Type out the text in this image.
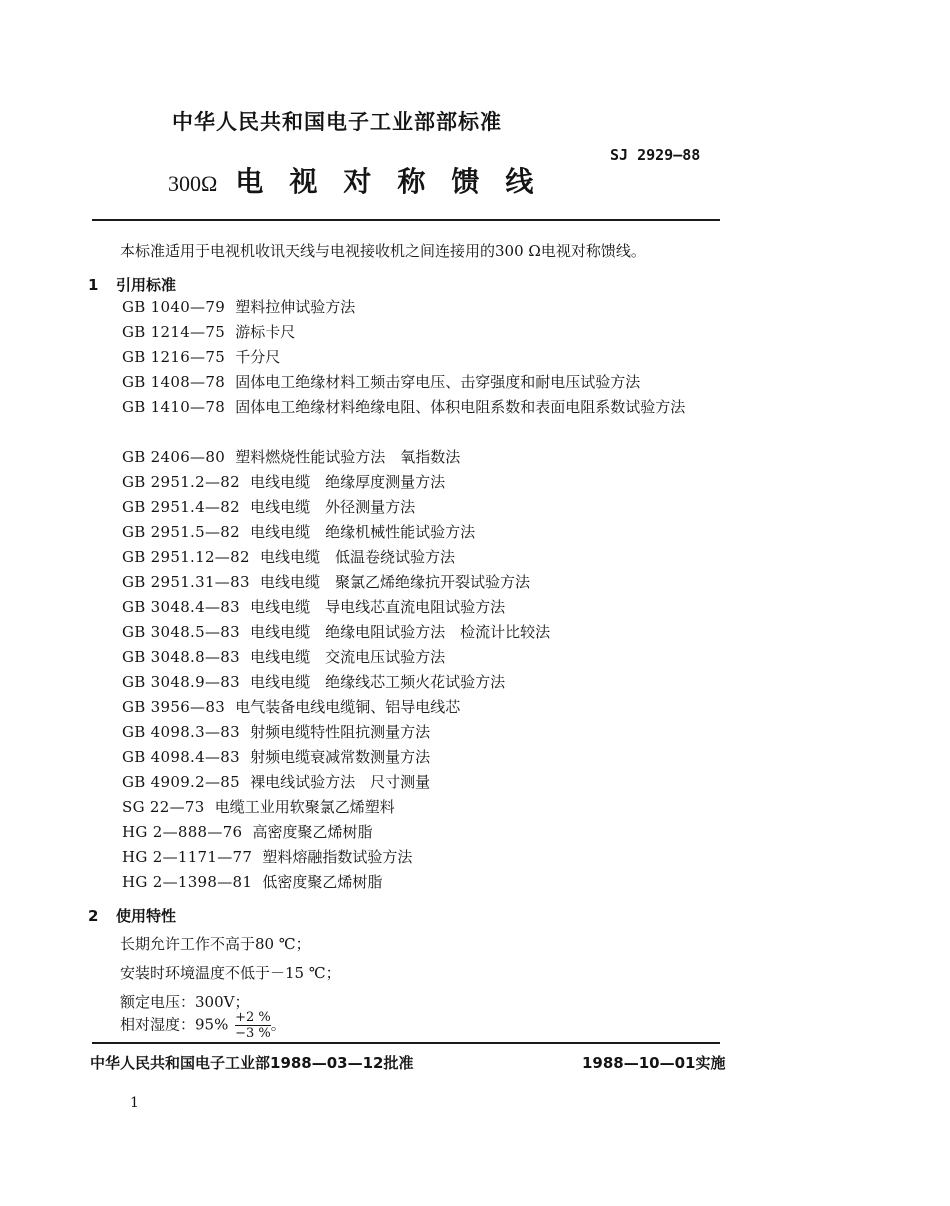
中华人民共和国电子工业部部标准
SJ 2929—88
300Ω 电视对称馈线
本标准适用于电视机收讯天线与电视接收机之间连接用的300 Ω电视对称馈线。
1 引用标准
GB 1040—79 塑料拉伸试验方法
GB 1214—75 游标卡尺
GB 1216—75 千分尺
GB 1408—78 固体电工绝缘材料工频击穿电压、击穿强度和耐电压试验方法
GB 1410—78 固体电工绝缘材料绝缘电阻、体积电阻系数和表面电阻系数试验方法
GB 2406—80 塑料燃烧性能试验方法　氧指数法
GB 2951.2—82 电线电缆　绝缘厚度测量方法
GB 2951.4—82 电线电缆　外径测量方法
GB 2951.5—82 电线电缆　绝缘机械性能试验方法
GB 2951.12—82 电线电缆　低温卷绕试验方法
GB 2951.31—83 电线电缆　聚氯乙烯绝缘抗开裂试验方法
GB 3048.4—83 电线电缆　导电线芯直流电阻试验方法
GB 3048.5—83 电线电缆　绝缘电阻试验方法　检流计比较法
GB 3048.8—83 电线电缆　交流电压试验方法
GB 3048.9—83 电线电缆　绝缘线芯工频火花试验方法
GB 3956—83 电气装备电线电缆铜、铝导电线芯
GB 4098.3—83 射频电缆特性阻抗测量方法
GB 4098.4—83 射频电缆衰减常数测量方法
GB 4909.2—85 裸电线试验方法　尺寸测量
SG 22—73 电缆工业用软聚氯乙烯塑料
HG 2—888—76 高密度聚乙烯树脂
HG 2—1171—77 塑料熔融指数试验方法
HG 2—1398—81 低密度聚乙烯树脂
2 使用特性
长期允许工作不高于80 ℃；
安装时环境温度不低于－15 ℃；
额定电压：300V；
相对湿度：$95\% \frac{+2 \%}{-3 \%}$ 。
中华人民共和国电子工业部1988—03—12批准	1988—10—01实施
1
